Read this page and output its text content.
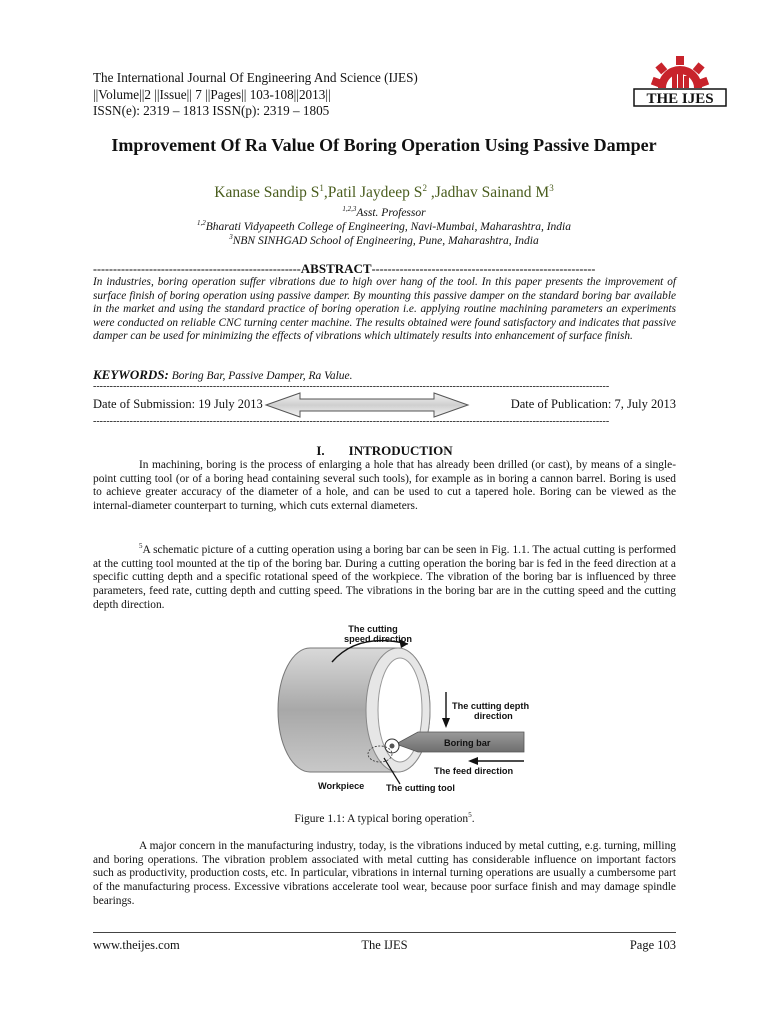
The International Journal Of Engineering And Science (IJES)
||Volume||2 ||Issue|| 7 ||Pages|| 103-108||2013||
ISSN(e): 2319 – 1813 ISSN(p): 2319 – 1805
THE IJES
Improvement Of Ra Value Of Boring Operation Using Passive Damper
Kanase Sandip $S^1,Patil$ Jaydeep $S^2$ ,Jadhav Sainand $M^3$
$^{1,2,3}$Asst. Professor
$^{1,2}$Bharati Vidyapeeth College of Engineering, Navi-Mumbai, Maharashtra, India
$^3$NBN SINHGAD School of Engineering, Pune, Maharashtra, India
----------------------------------------------------ABSTRACT--------------------------------------------------------
In industries, boring operation suffer vibrations due to high over hang of the tool. In this paper presents the improvement of surface finish of boring operation using passive damper. By mounting this passive damper on the standard boring bar available in the market and using the standard practice of boring operation i.e. applying routine machining parameters an experiments were conducted on reliable CNC turning center machine. The results obtained were found satisfactory and indicates that passive damper can be used for minimizing the effects of vibrations which ultimately results into enhancement of surface finish.
KEYWORDS: Boring Bar, Passive Damper, Ra Value.
-----------------------------------------------------------------------------------------------------------------------------------------------------------
Date of Submission: 19 July 2013	Date of Publication: 7, July 2013
-----------------------------------------------------------------------------------------------------------------------------------------------------------
I. INTRODUCTION
In machining, boring is the process of enlarging a hole that has already been drilled (or cast), by means of a single-point cutting tool (or of a boring head containing several such tools), for example as in boring a cannon barrel. Boring is used to achieve greater accuracy of the diameter of a hole, and can be used to cut a tapered hole. Boring can be viewed as the internal-diameter counterpart to turning, which cuts external diameters.
$^5$A schematic picture of a cutting operation using a boring bar can be seen in Fig. 1.1. The actual cutting is performed at the cutting tool mounted at the tip of the boring bar. During a cutting operation the boring bar is fed in the feed direction at a specific cutting depth and a specific rotational speed of the workpiece. The vibration of the boring bar is influenced by three parameters, feed rate, cutting depth and cutting speed. The vibrations in the boring bar are in the cutting speed and the cutting depth direction.
The cutting
speed direction
The cutting depth
direction
Boring bar
The feed direction
Workpiece The cutting tool
Figure 1.1: A typical boring operation$^5$.
A major concern in the manufacturing industry, today, is the vibrations induced by metal cutting, e.g. turning, milling and boring operations. The vibration problem associated with metal cutting has considerable influence on important factors such as productivity, production costs, etc. In particular, vibrations in internal turning operations are usually a cumbersome part of the manufacturing process. Excessive vibrations accelerate tool wear, because poor surface finish and may damage spindle bearings.
www.theijes.com	The IJES	Page 103
